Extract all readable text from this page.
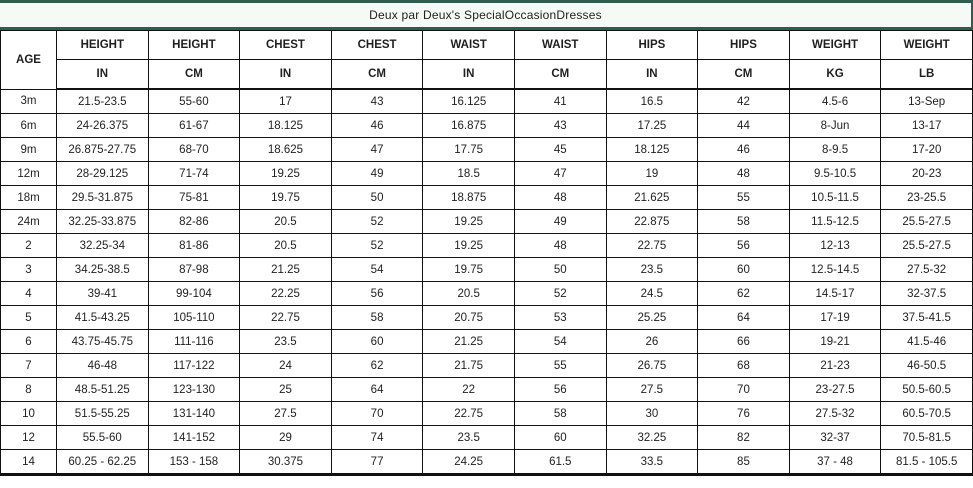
Deux par Deux's SpecialOccasionDresses
AGE	HEIGHT	HEIGHT	CHEST	CHEST	WAIST	WAIST	HIPS	HIPS	WEIGHT	WEIGHT
	IN	CM	IN	CM	IN	CM	IN	CM	KG	LB
3m	21.5-23.5	55-60	17	43	16.125	41	16.5	42	4.5-6	13-Sep
6m	24-26.375	61-67	18.125	46	16.875	43	17.25	44	8-Jun	13-17
9m	26.875-27.75	68-70	18.625	47	17.75	45	18.125	46	8-9.5	17-20
12m	28-29.125	71-74	19.25	49	18.5	47	19	48	9.5-10.5	20-23
18m	29.5-31.875	75-81	19.75	50	18.875	48	21.625	55	10.5-11.5	23-25.5
24m	32.25-33.875	82-86	20.5	52	19.25	49	22.875	58	11.5-12.5	25.5-27.5
2	32.25-34	81-86	20.5	52	19.25	48	22.75	56	12-13	25.5-27.5
3	34.25-38.5	87-98	21.25	54	19.75	50	23.5	60	12.5-14.5	27.5-32
4	39-41	99-104	22.25	56	20.5	52	24.5	62	14.5-17	32-37.5
5	41.5-43.25	105-110	22.75	58	20.75	53	25.25	64	17-19	37.5-41.5
6	43.75-45.75	111-116	23.5	60	21.25	54	26	66	19-21	41.5-46
7	46-48	117-122	24	62	21.75	55	26.75	68	21-23	46-50.5
8	48.5-51.25	123-130	25	64	22	56	27.5	70	23-27.5	50.5-60.5
10	51.5-55.25	131-140	27.5	70	22.75	58	30	76	27.5-32	60.5-70.5
12	55.5-60	141-152	29	74	23.5	60	32.25	82	32-37	70.5-81.5
14	60.25 - 62.25	153 - 158	30.375	77	24.25	61.5	33.5	85	37 - 48	81.5 - 105.5
